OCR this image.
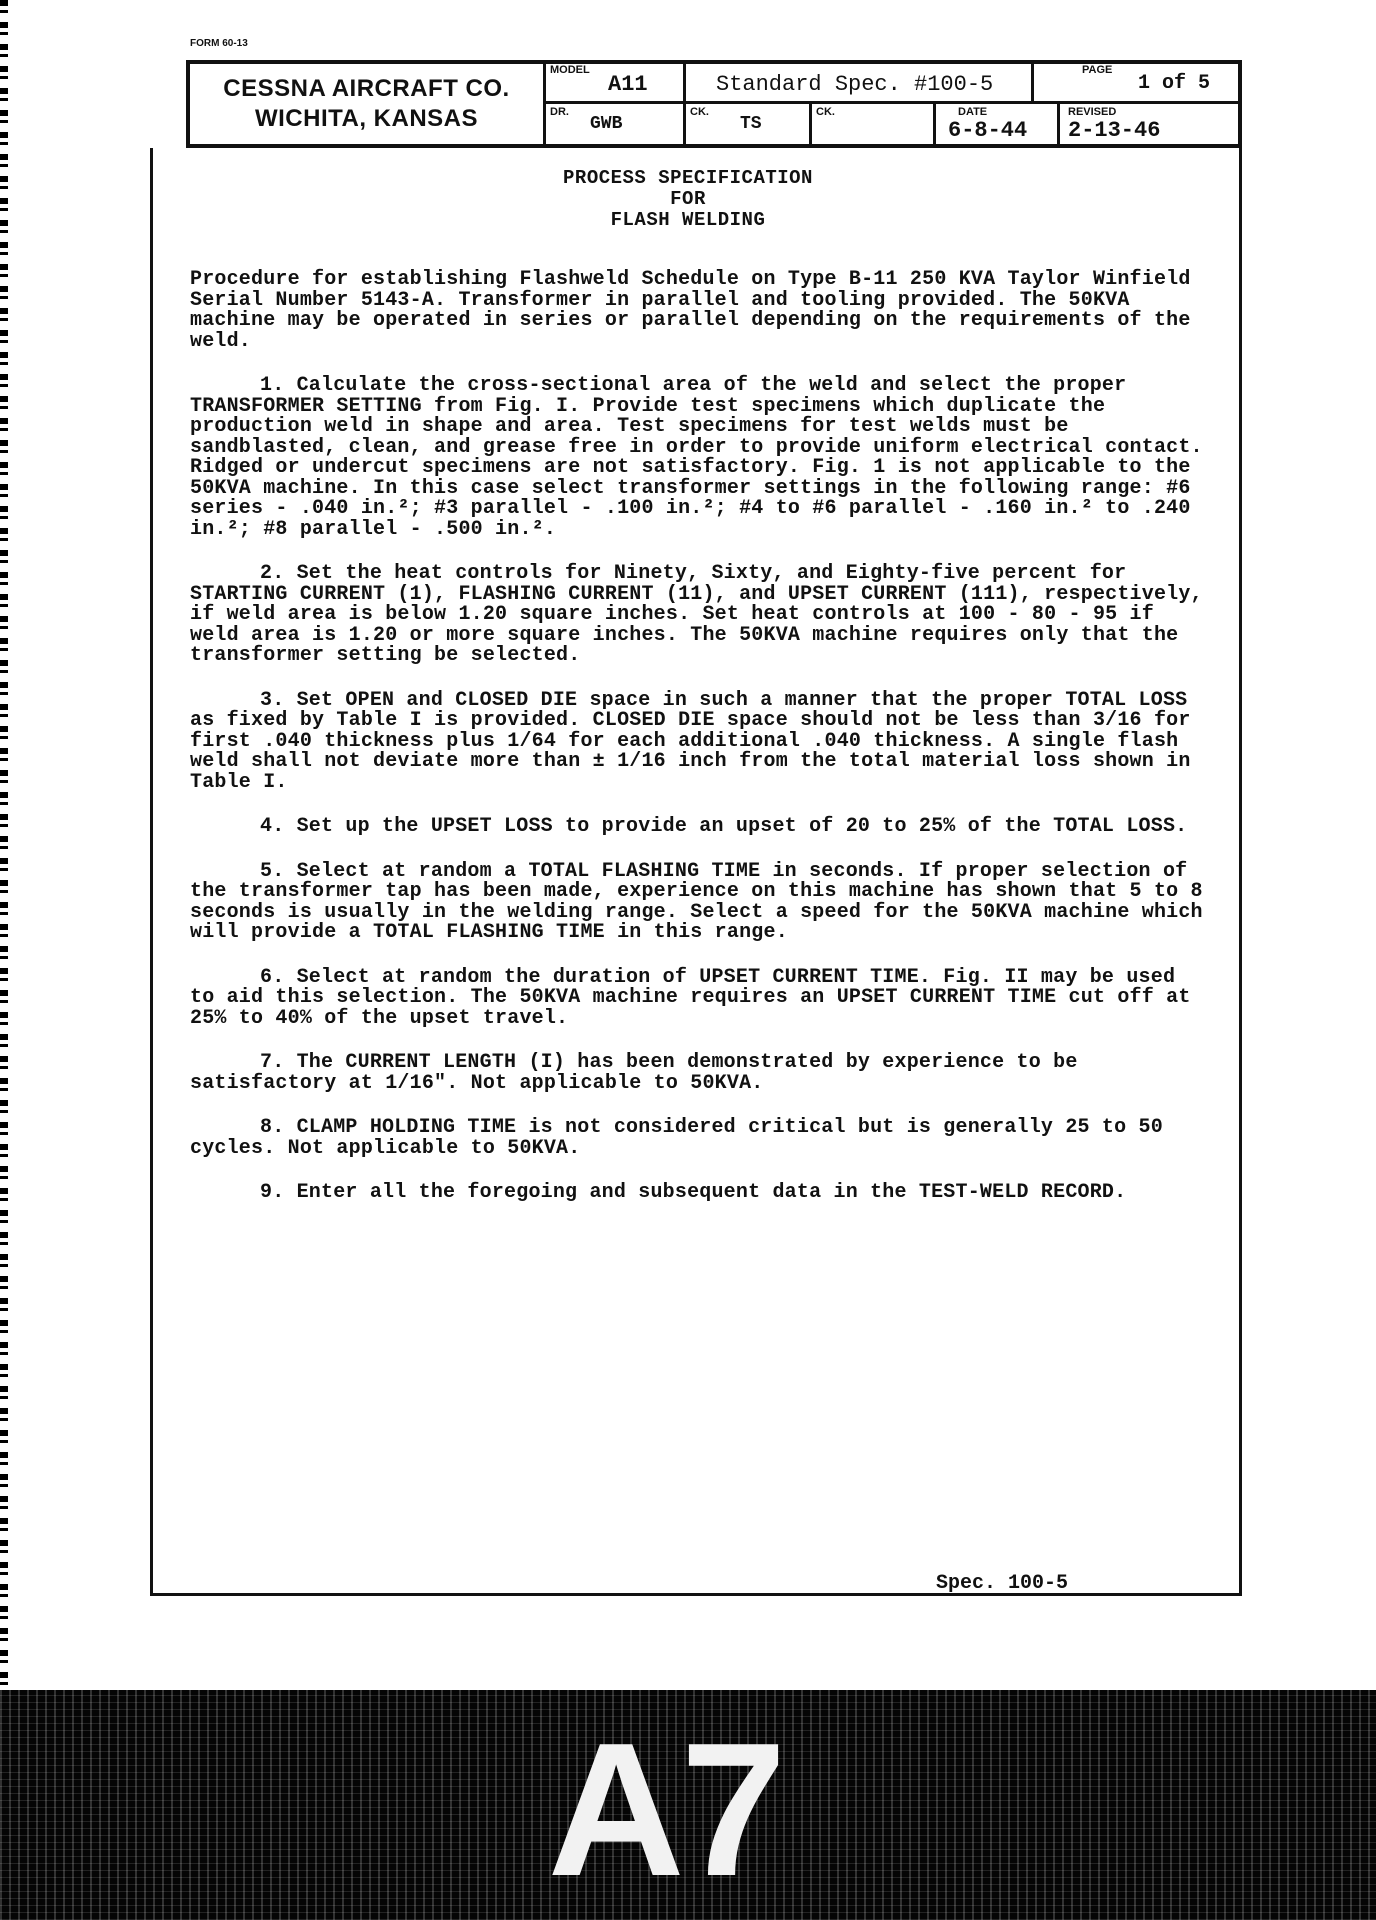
FORM 60-13
CESSNA AIRCRAFT CO.
WICHITA, KANSAS
MODEL
A11	Standard Spec. #100-5
PAGE
1 of 5
DR.
GWB
CK.
TS
CK.	DATE
6-8-44
REVISED
2-13-46
PROCESS SPECIFICATION
FOR
FLASH WELDING

Procedure for establishing Flashweld Schedule on Type B-11 250 KVA Taylor Winfield Serial Number 5143-A. Transformer in parallel and tooling provided. The 50KVA machine may be operated in series or parallel depending on the requirements of the weld.

1. Calculate the cross-sectional area of the weld and select the proper TRANSFORMER SETTING from Fig. I. Provide test specimens which duplicate the production weld in shape and area. Test specimens for test welds must be sandblasted, clean, and grease free in order to provide uniform electrical contact. Ridged or undercut specimens are not satisfactory. Fig. 1 is not applicable to the 50KVA machine. In this case select transformer settings in the following range: #6 series - .040 in.²; #3 parallel - .100 in.²; #4 to #6 parallel - .160 in.² to .240 in.²; #8 parallel - .500 in.².

2. Set the heat controls for Ninety, Sixty, and Eighty-five percent for STARTING CURRENT (1), FLASHING CURRENT (11), and UPSET CURRENT (111), respectively, if weld area is below 1.20 square inches. Set heat controls at 100 - 80 - 95 if weld area is 1.20 or more square inches. The 50KVA machine requires only that the transformer setting be selected.

3. Set OPEN and CLOSED DIE space in such a manner that the proper TOTAL LOSS as fixed by Table I is provided. CLOSED DIE space should not be less than 3/16 for first .040 thickness plus 1/64 for each additional .040 thickness. A single flash weld shall not deviate more than ± 1/16 inch from the total material loss shown in Table I.

4. Set up the UPSET LOSS to provide an upset of 20 to 25% of the TOTAL LOSS.

5. Select at random a TOTAL FLASHING TIME in seconds. If proper selection of the transformer tap has been made, experience on this machine has shown that 5 to 8 seconds is usually in the welding range. Select a speed for the 50KVA machine which will provide a TOTAL FLASHING TIME in this range.

6. Select at random the duration of UPSET CURRENT TIME. Fig. II may be used to aid this selection. The 50KVA machine requires an UPSET CURRENT TIME cut off at 25% to 40% of the upset travel.

7. The CURRENT LENGTH (I) has been demonstrated by experience to be satisfactory at 1/16". Not applicable to 50KVA.

8. CLAMP HOLDING TIME is not considered critical but is generally 25 to 50 cycles. Not applicable to 50KVA.

9. Enter all the foregoing and subsequent data in the TEST-WELD RECORD.

Spec. 100-5
A7
